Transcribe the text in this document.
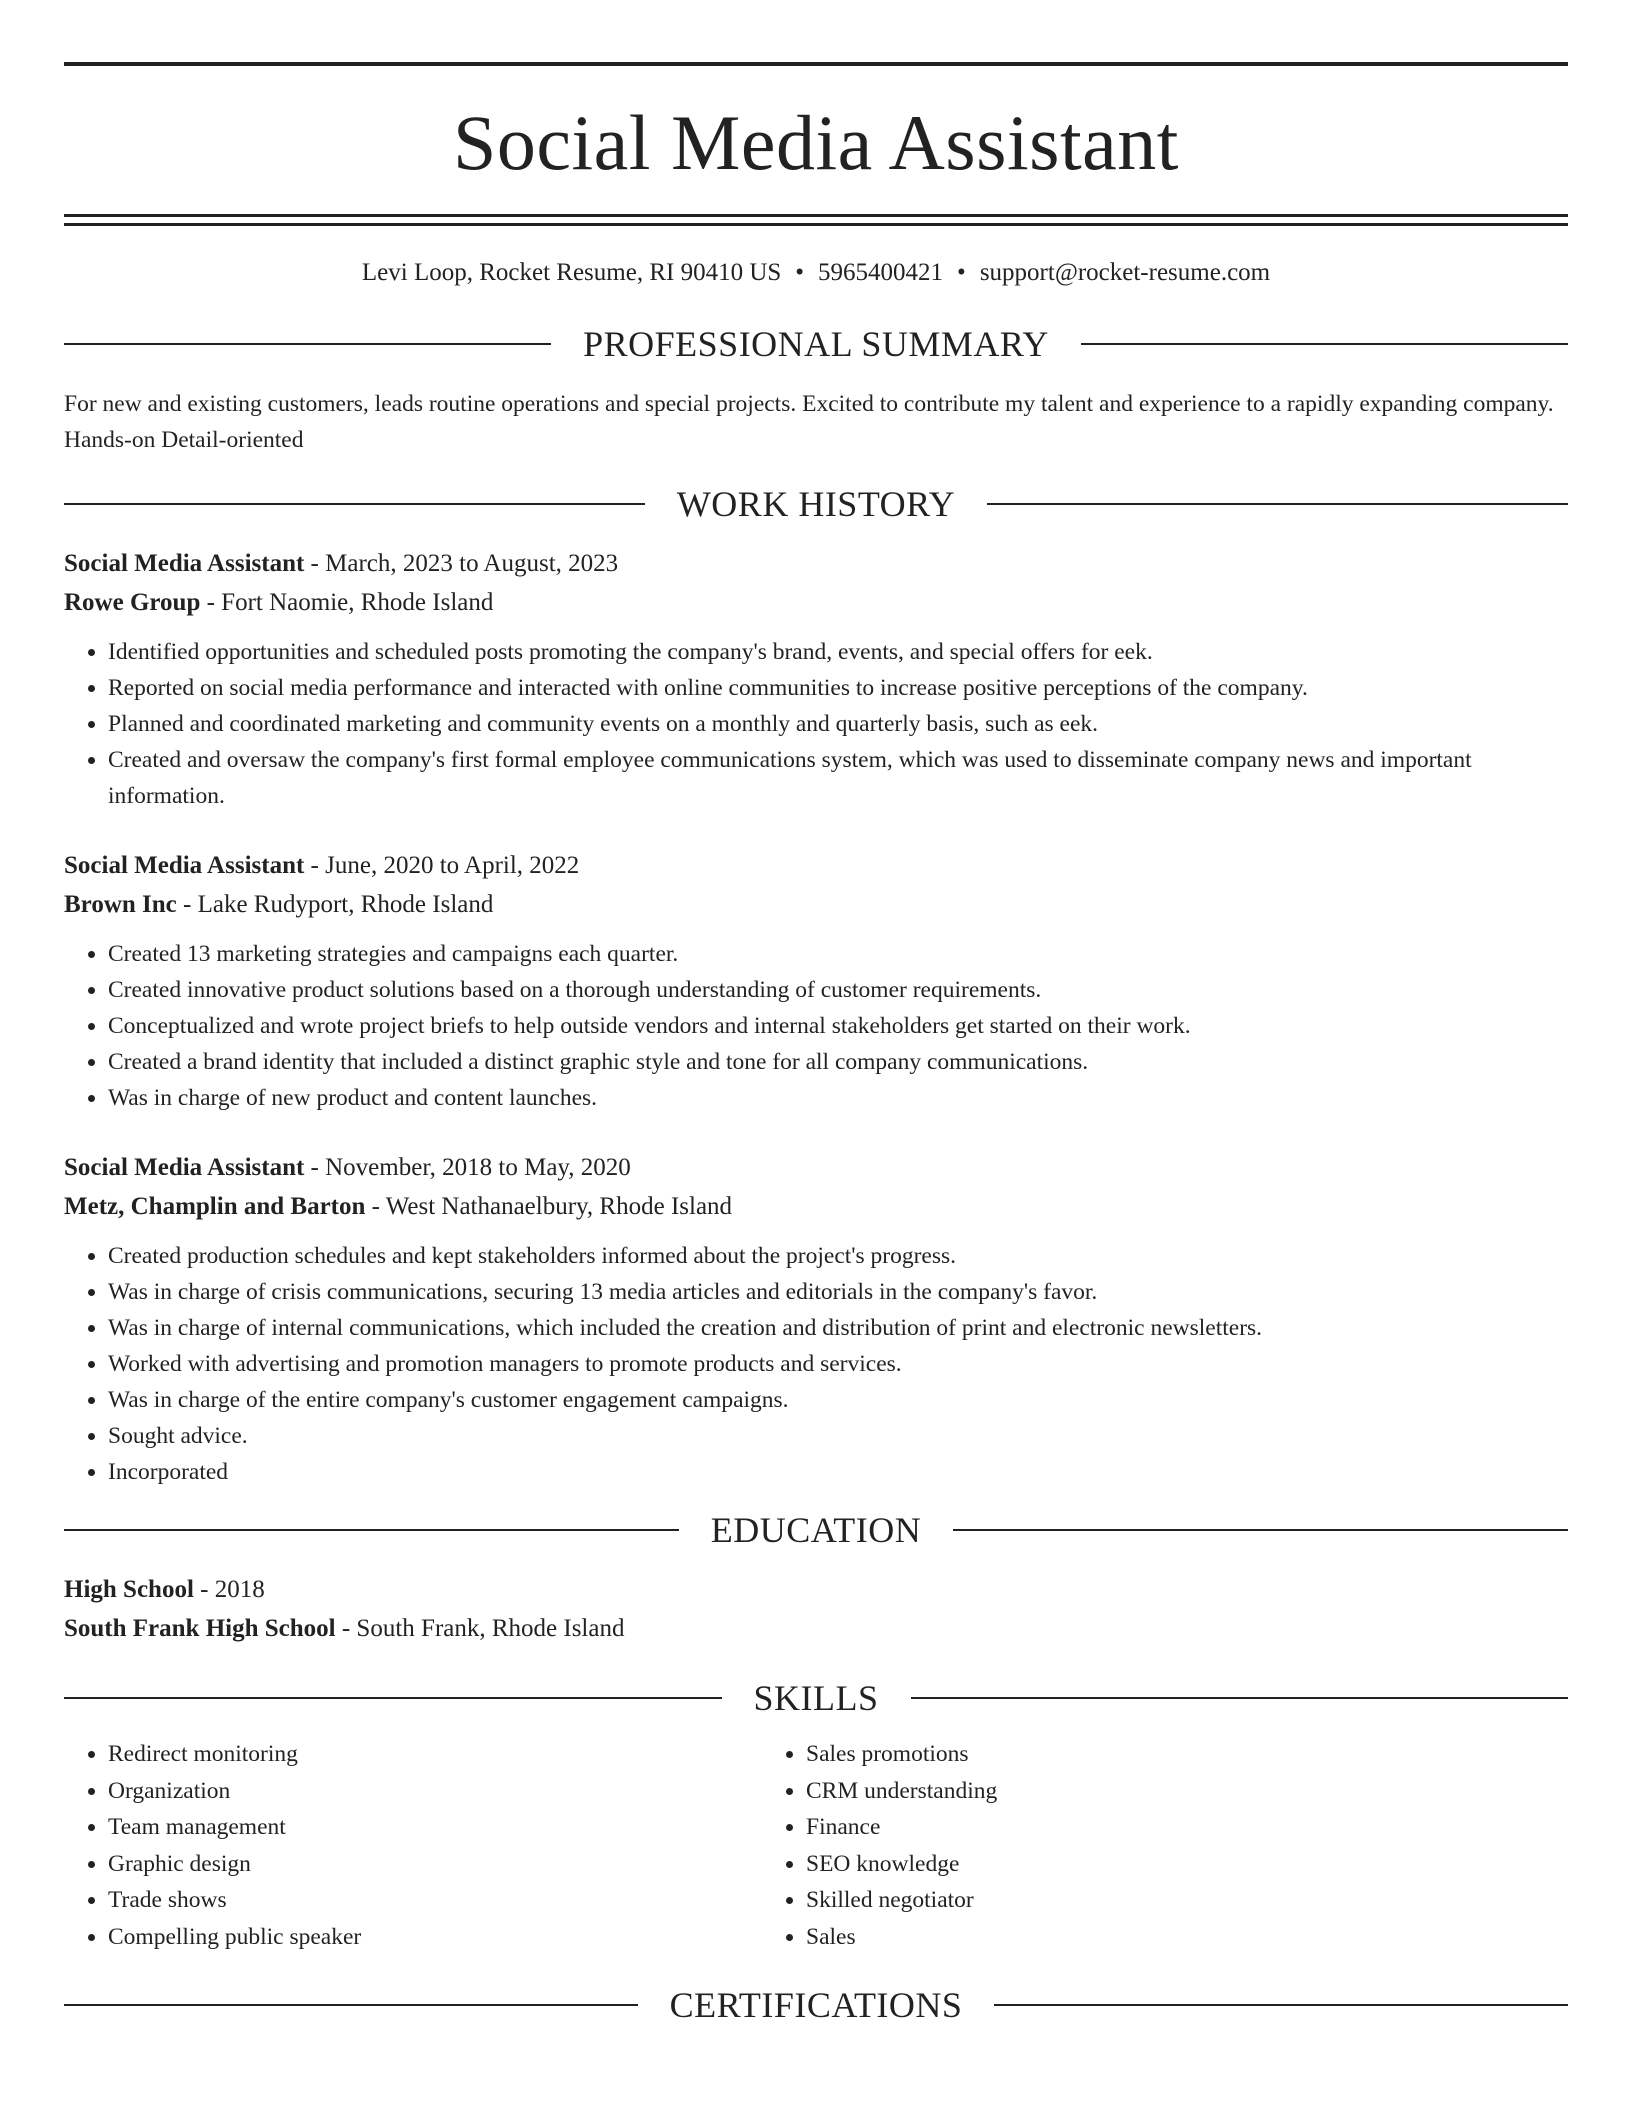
Social Media Assistant
Levi Loop, Rocket Resume, RI 90410 US • 5965400421 • support@rocket-resume.com
PROFESSIONAL SUMMARY
For new and existing customers, leads routine operations and special projects. Excited to contribute my talent and experience to a rapidly expanding company. Hands-on Detail-oriented
WORK HISTORY
Social Media Assistant - March, 2023 to August, 2023
Rowe Group - Fort Naomie, Rhode Island
• Identified opportunities and scheduled posts promoting the company's brand, events, and special offers for eek.
• Reported on social media performance and interacted with online communities to increase positive perceptions of the company.
• Planned and coordinated marketing and community events on a monthly and quarterly basis, such as eek.
• Created and oversaw the company's first formal employee communications system, which was used to disseminate company news and important information.
Social Media Assistant - June, 2020 to April, 2022
Brown Inc - Lake Rudyport, Rhode Island
• Created 13 marketing strategies and campaigns each quarter.
• Created innovative product solutions based on a thorough understanding of customer requirements.
• Conceptualized and wrote project briefs to help outside vendors and internal stakeholders get started on their work.
• Created a brand identity that included a distinct graphic style and tone for all company communications.
• Was in charge of new product and content launches.
Social Media Assistant - November, 2018 to May, 2020
Metz, Champlin and Barton - West Nathanaelbury, Rhode Island
• Created production schedules and kept stakeholders informed about the project's progress.
• Was in charge of crisis communications, securing 13 media articles and editorials in the company's favor.
• Was in charge of internal communications, which included the creation and distribution of print and electronic newsletters.
• Worked with advertising and promotion managers to promote products and services.
• Was in charge of the entire company's customer engagement campaigns.
• Sought advice.
• Incorporated
EDUCATION
High School - 2018
South Frank High School - South Frank, Rhode Island
SKILLS
• Redirect monitoring
• Organization
• Team management
• Graphic design
• Trade shows
• Compelling public speaker
• Sales promotions
• CRM understanding
• Finance
• SEO knowledge
• Skilled negotiator
• Sales
CERTIFICATIONS
